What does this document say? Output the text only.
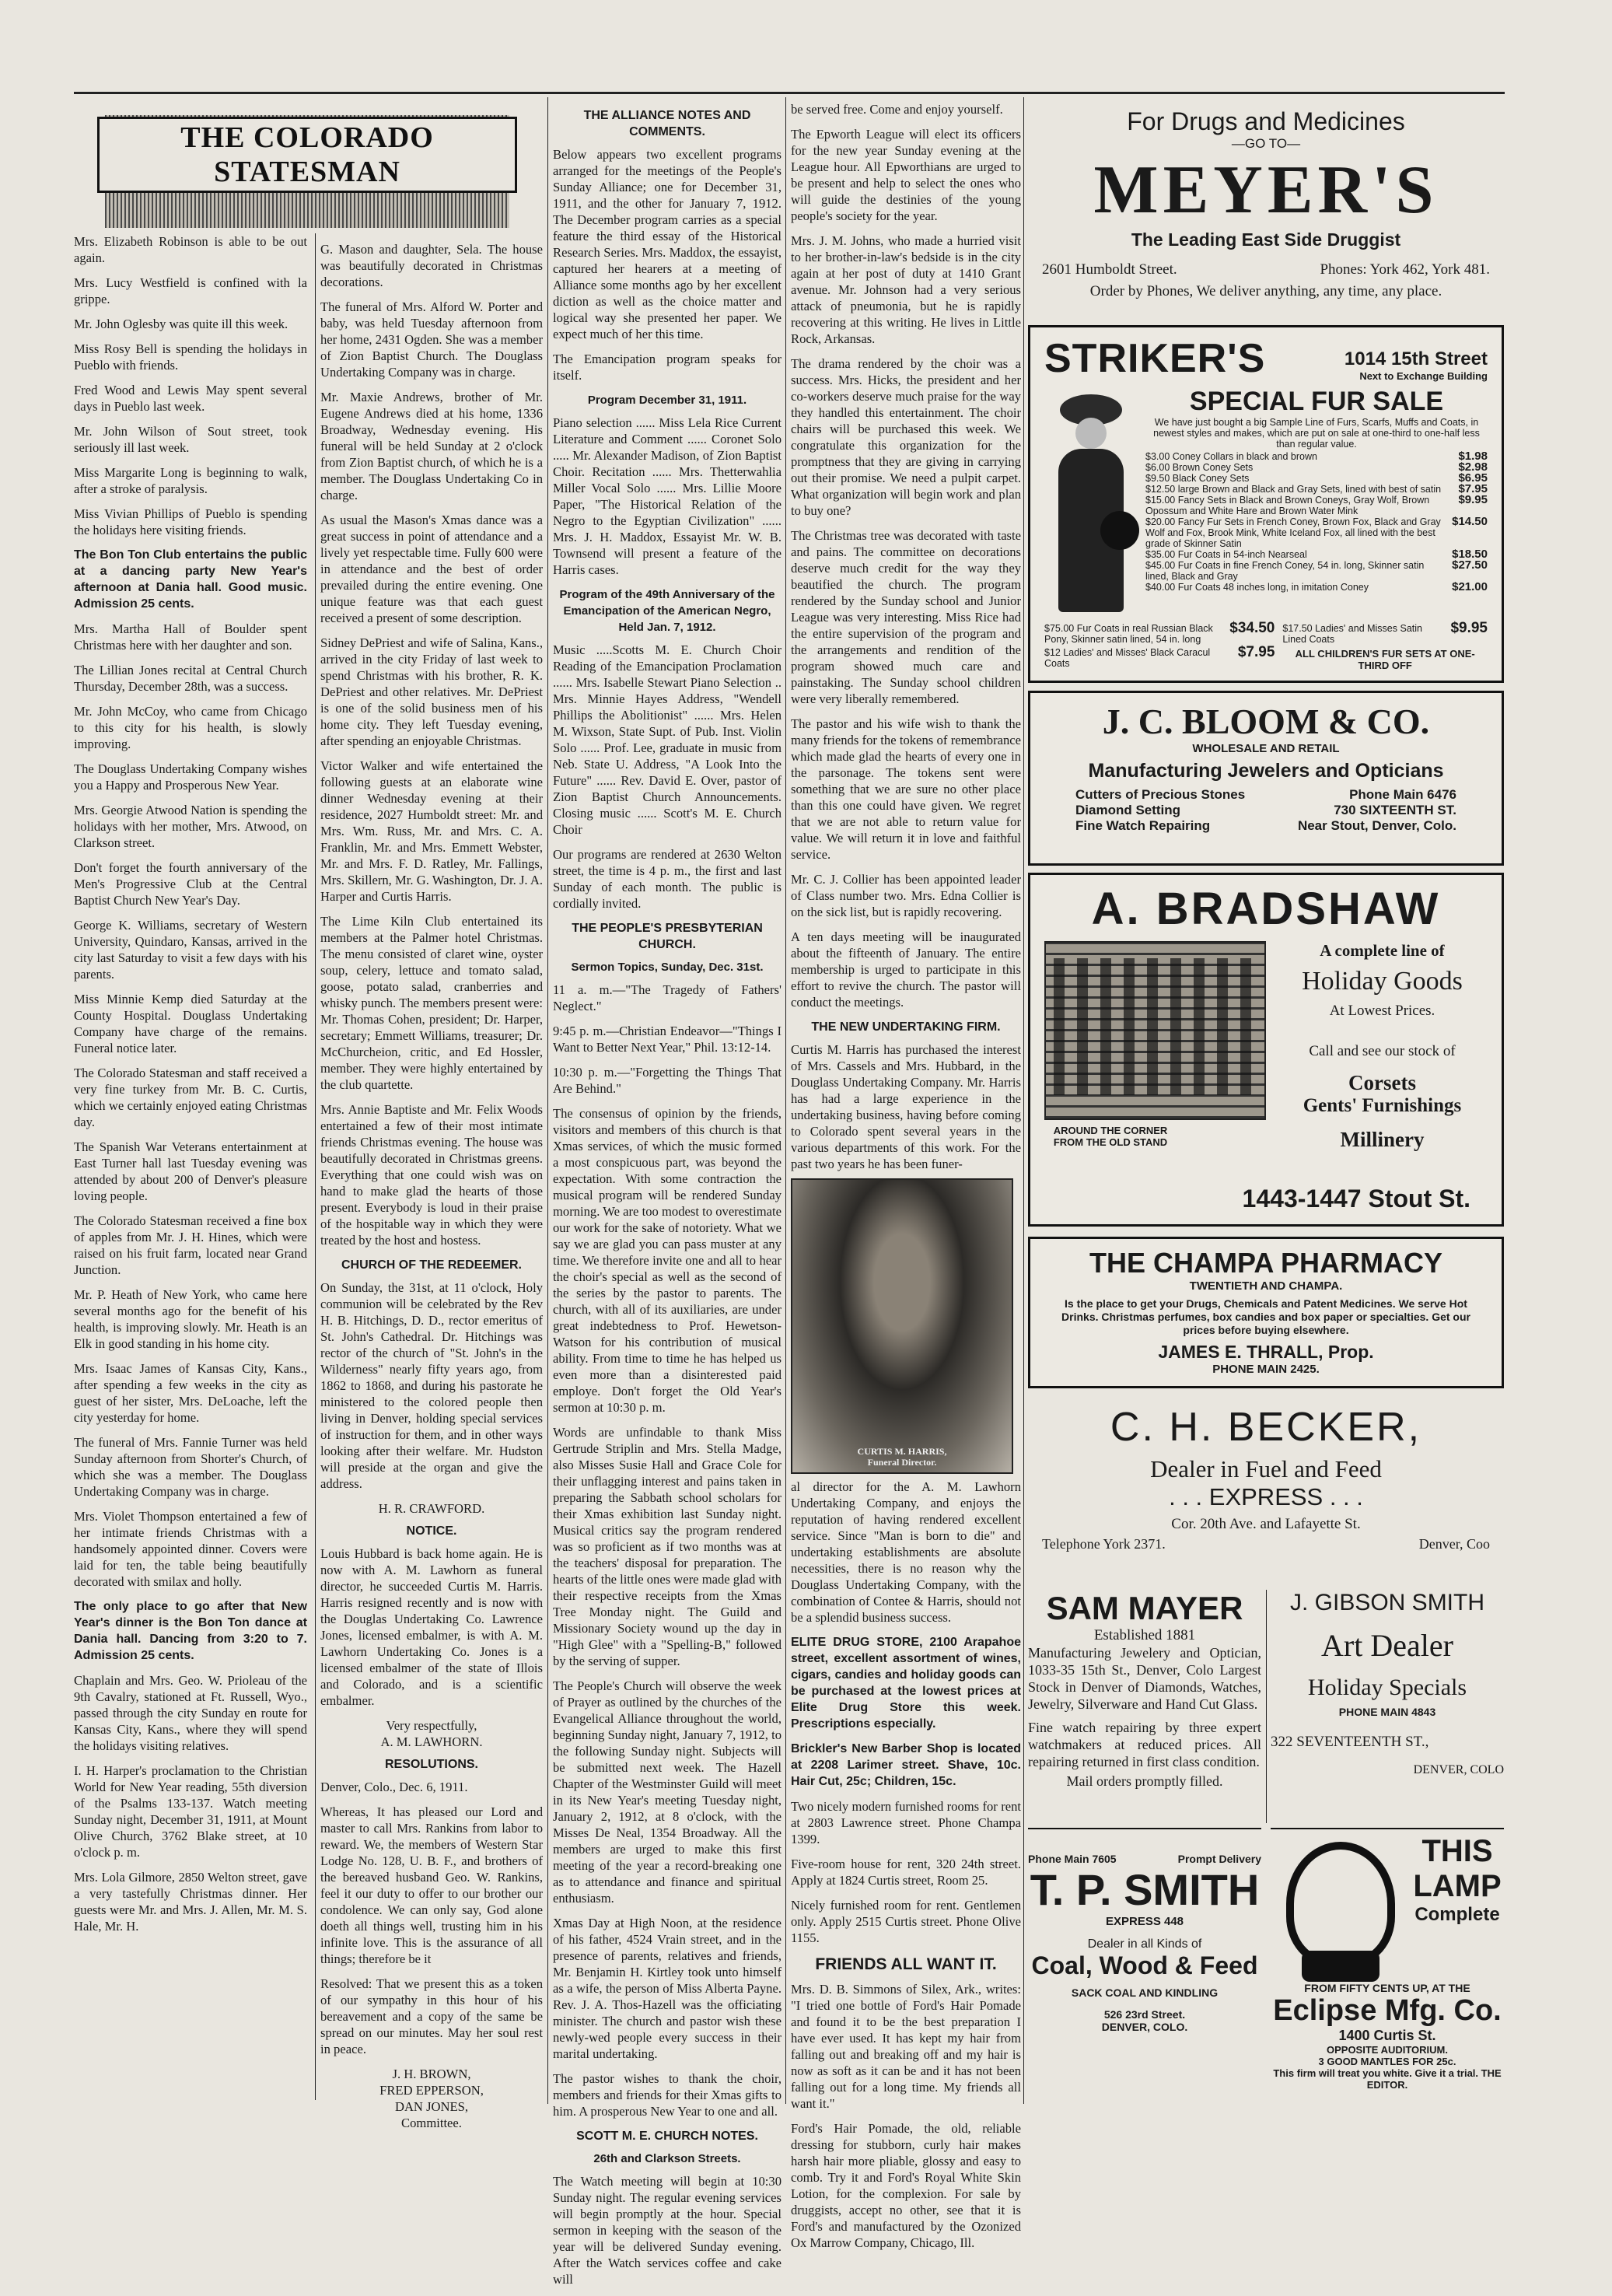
THE COLORADO STATESMAN

Mrs. Elizabeth Robinson is able to be out again.

Mrs. Lucy Westfield is confined with la grippe.

Mr. John Oglesby was quite ill this week.

Miss Rosy Bell is spending the holidays in Pueblo with friends.

Fred Wood and Lewis May spent several days in Pueblo last week.

Mr. John Wilson of Sout street, took seriously ill last week.

Miss Margarite Long is beginning to walk, after a stroke of paralysis.

Miss Vivian Phillips of Pueblo is spending the holidays here visiting friends.

The Bon Ton Club entertains the public at a dancing party New Year's afternoon at Dania hall. Good music. Admission 25 cents.

Mrs. Martha Hall of Boulder spent Christmas here with her daughter and son.

The Lillian Jones recital at Central Church Thursday, December 28th, was a success.

Mr. John McCoy, who came from Chicago to this city for his health, is slowly improving.

The Douglass Undertaking Company wishes you a Happy and Prosperous New Year.

Mrs. Georgie Atwood Nation is spending the holidays with her mother, Mrs. Atwood, on Clarkson street.

Don't forget the fourth anniversary of the Men's Progressive Club at the Central Baptist Church New Year's Day.

George K. Williams, secretary of Western University, Quindaro, Kansas, arrived in the city last Saturday to visit a few days with his parents.

Miss Minnie Kemp died Saturday at the County Hospital. Douglass Undertaking Company have charge of the remains. Funeral notice later.

The Colorado Statesman and staff received a very fine turkey from Mr. B. C. Curtis, which we certainly enjoyed eating Christmas day.

The Spanish War Veterans entertainment at East Turner hall last Tuesday evening was attended by about 200 of Denver's pleasure loving people.

The Colorado Statesman received a fine box of apples from Mr. J. H. Hines, which were raised on his fruit farm, located near Grand Junction.

Mr. P. Heath of New York, who came here several months ago for the benefit of his health, is improving slowly. Mr. Heath is an Elk in good standing in his home city.

Mrs. Isaac James of Kansas City, Kans., after spending a few weeks in the city as guest of her sister, Mrs. DeLoache, left the city yesterday for home.

The funeral of Mrs. Fannie Turner was held Sunday afternoon from Shorter's Church, of which she was a member. The Douglass Undertaking Company was in charge.

Mrs. Violet Thompson entertained a few of her intimate friends Christmas with a handsomely appointed dinner. Covers were laid for ten, the table being beautifully decorated with smilax and holly.

The only place to go after that New Year's dinner is the Bon Ton dance at Dania hall. Dancing from 3:20 to 7. Admission 25 cents.

Chaplain and Mrs. Geo. W. Prioleau of the 9th Cavalry, stationed at Ft. Russell, Wyo., passed through the city Sunday en route for Kansas City, Kans., where they will spend the holidays visiting relatives.

I. H. Harper's proclamation to the Christian World for New Year reading, 55th diversion of the Psalms 133-137. Watch meeting Sunday night, December 31, 1911, at Mount Olive Church, 3762 Blake street, at 10 o'clock p. m.

Mrs. Lola Gilmore, 2850 Welton street, gave a very tastefully Christmas dinner. Her guests were Mr. and Mrs. J. Allen, Mr. M. S. Hale, Mr. H.

G. Mason and daughter, Sela. The house was beautifully decorated in Christmas decorations.

The funeral of Mrs. Alford W. Porter and baby, was held Tuesday afternoon from her home, 2431 Ogden. She was a member of Zion Baptist Church. The Douglass Undertaking Company was in charge.

Mr. Maxie Andrews, brother of Mr. Eugene Andrews died at his home, 1336 Broadway, Wednesday evening. His funeral will be held Sunday at 2 o'clock from Zion Baptist church, of which he is a member. The Douglass Undertaking Co in charge.

As usual the Mason's Xmas dance was a great success in point of attendance and a lively yet respectable time. Fully 600 were in attendance and the best of order prevailed during the entire evening. One unique feature was that each guest received a present of some description.

Sidney DePriest and wife of Salina, Kans., arrived in the city Friday of last week to spend Christmas with his brother, R. K. DePriest and other relatives. Mr. DePriest is one of the solid business men of his home city. They left Tuesday evening, after spending an enjoyable Christmas.

Victor Walker and wife entertained the following guests at an elaborate wine dinner Wednesday evening at their residence, 2027 Humboldt street: Mr. and Mrs. Wm. Russ, Mr. and Mrs. C. A. Franklin, Mr. and Mrs. Emmett Webster, Mr. and Mrs. F. D. Ratley, Mr. Fallings, Mrs. Skillern, Mr. G. Washington, Dr. J. A. Harper and Curtis Harris.

The Lime Kiln Club entertained its members at the Palmer hotel Christmas. The menu consisted of claret wine, oyster soup, celery, lettuce and tomato salad, goose, potato salad, cranberries and whisky punch. The members present were: Mr. Thomas Cohen, president; Dr. Harper, secretary; Emmett Williams, treasurer; Dr. McChurcheion, critic, and Ed Hossler, member. They were highly entertained by the club quartette.

Mrs. Annie Baptiste and Mr. Felix Woods entertained a few of their most intimate friends Christmas evening. The house was beautifully decorated in Christmas greens. Everything that one could wish was on hand to make glad the hearts of those present. Everybody is loud in their praise of the hospitable way in which they were treated by the host and hostess.

CHURCH OF THE REDEEMER.

On Sunday, the 31st, at 11 o'clock, Holy communion will be celebrated by the Rev H. B. Hitchings, D. D., rector emeritus of St. John's Cathedral. Dr. Hitchings was rector of the church of "St. John's in the Wilderness" nearly fifty years ago, from 1862 to 1868, and during his pastorate he ministered to the colored people then living in Denver, holding special services of instruction for them, and in other ways looking after their welfare. Mr. Hudston will preside at the organ and give the address.

H. R. CRAWFORD.

NOTICE.

Louis Hubbard is back home again. He is now with A. M. Lawhorn as funeral director, he succeeded Curtis M. Harris. Harris resigned recently and is now with the Douglas Undertaking Co. Lawrence Jones, licensed embalmer, is with A. M. Lawhorn Undertaking Co. Jones is a licensed embalmer of the state of Illois and Colorado, and is a scientific embalmer.

Very respectfully,

A. M. LAWHORN.

RESOLUTIONS.

Denver, Colo., Dec. 6, 1911.

Whereas, It has pleased our Lord and master to call Mrs. Rankins from labor to reward. We, the members of Western Star Lodge No. 128, U. B. F., and brothers of the bereaved husband Geo. W. Rankins, feel it our duty to offer to our brother our condolence. We can only say, God alone doeth all things well, trusting him in his infinite love. This is the assurance of all things; therefore be it

Resolved: That we present this as a token of our sympathy in this hour of his bereavement and a copy of the same be spread on our minutes. May her soul rest in peace.

J. H. BROWN,
FRED EPPERSON,
DAN JONES,
Committee.
THE ALLIANCE NOTES AND COMMENTS.

Below appears two excellent programs arranged for the meetings of the People's Sunday Alliance; one for December 31, 1911, and the other for January 7, 1912. The December program carries as a special feature the third essay of the Historical Research Series. Mrs. Maddox, the essayist, captured her hearers at a meeting of Alliance some months ago by her excellent diction as well as the choice matter and logical way she presented her paper. We expect much of her this time.

The Emancipation program speaks for itself.

Program December 31, 1911.

Piano selection ...... Miss Lela Rice Current Literature and Comment ...... Coronet Solo ..... Mr. Alexander Madison, of Zion Baptist Choir. Recitation ...... Mrs. Thetterwahlia Miller Vocal Solo ...... Mrs. Lillie Moore Paper, "The Historical Relation of the Negro to the Egyptian Civilization" ...... Mrs. J. H. Maddox, Essayist Mr. W. B. Townsend will present a feature of the Harris cases.

Program of the 49th Anniversary of the Emancipation of the American Negro, Held Jan. 7, 1912.

Music .....Scotts M. E. Church Choir Reading of the Emancipation Proclamation ...... Mrs. Isabelle Stewart Piano Selection .. Mrs. Minnie Hayes Address, "Wendell Phillips the Abolitionist" ...... Mrs. Helen M. Wixson, State Supt. of Pub. Inst. Violin Solo ...... Prof. Lee, graduate in music from Neb. State U. Address, "A Look Into the Future" ...... Rev. David E. Over, pastor of Zion Baptist Church Announcements. Closing music ...... Scott's M. E. Church Choir

Our programs are rendered at 2630 Welton street, the time is 4 p. m., the first and last Sunday of each month. The public is cordially invited.

THE PEOPLE'S PRESBYTERIAN CHURCH.
Sermon Topics, Sunday, Dec. 31st.

11 a. m.—"The Tragedy of Fathers' Neglect."

9:45 p. m.—Christian Endeavor—"Things I Want to Better Next Year," Phil. 13:12-14.

10:30 p. m.—"Forgetting the Things That Are Behind."

The consensus of opinion by the friends, visitors and members of this church is that Xmas services, of which the music formed a most conspicuous part, was beyond the expectation. With some contraction the musical program will be rendered Sunday morning. We are too modest to overestimate our work for the sake of notoriety. What we say we are glad you can pass muster at any time. We therefore invite one and all to hear the choir's special as well as the second of the series by the pastor to parents. The church, with all of its auxiliaries, are under great indebtedness to Prof. Hewetson-Watson for his contribution of musical ability. From time to time he has helped us even more than a disinterested paid employe. Don't forget the Old Year's sermon at 10:30 p. m.

Words are unfindable to thank Miss Gertrude Striplin and Mrs. Stella Madge, also Misses Susie Hall and Grace Cole for their unflagging interest and pains taken in preparing the Sabbath school scholars for their Xmas exhibition last Sunday night. Musical critics say the program rendered was so proficient as if two months was at the teachers' disposal for preparation. The hearts of the little ones were made glad with their respective receipts from the Xmas Tree Monday night. The Guild and Missionary Society wound up the day in "High Glee" with a "Spelling-B," followed by the serving of supper.

The People's Church will observe the week of Prayer as outlined by the churches of the Evangelical Alliance throughout the world, beginning Sunday night, January 7, 1912, to the following Sunday night. Subjects will be submitted next week. The Hazell Chapter of the Westminster Guild will meet in its New Year's meeting Tuesday night, January 2, 1912, at 8 o'clock, with the Misses De Neal, 1354 Broadway. All the members are urged to make this first meeting of the year a record-breaking one as to attendance and finance and spiritual enthusiasm.

Xmas Day at High Noon, at the residence of his father, 4524 Vrain street, and in the presence of parents, relatives and friends, Mr. Benjamin H. Kirtley took unto himself as a wife, the person of Miss Alberta Payne. Rev. J. A. Thos-Hazell was the officiating minister. The church and pastor wish these newly-wed people every success in their marital undertaking.

The pastor wishes to thank the choir, members and friends for their Xmas gifts to him. A prosperous New Year to one and all.

SCOTT M. E. CHURCH NOTES.
26th and Clarkson Streets.

The Watch meeting will begin at 10:30 Sunday night. The regular evening services will begin promptly at the hour. Special sermon in keeping with the season of the year will be delivered Sunday evening. After the Watch services coffee and cake will

be served free. Come and enjoy yourself.

The Epworth League will elect its officers for the new year Sunday evening at the League hour. All Epworthians are urged to be present and help to select the ones who will guide the destinies of the young people's society for the year.

Mrs. J. M. Johns, who made a hurried visit to her brother-in-law's bedside is in the city again at her post of duty at 1410 Grant avenue. Mr. Johnson had a very serious attack of pneumonia, but he is rapidly recovering at this writing. He lives in Little Rock, Arkansas.

The drama rendered by the choir was a success. Mrs. Hicks, the president and her co-workers deserve much praise for the way they handled this entertainment. The choir chairs will be purchased this week. We congratulate this organization for the promptness that they are giving in carrying out their promise. We need a pulpit carpet. What organization will begin work and plan to buy one?

The Christmas tree was decorated with taste and pains. The committee on decorations deserve much credit for the way they beautified the church. The program rendered by the Sunday school and Junior League was very interesting. Miss Rice had the entire supervision of the program and the arrangements and rendition of the program showed much care and painstaking. The Sunday school children were very liberally remembered.

The pastor and his wife wish to thank the many friends for the tokens of remembrance which made glad the hearts of every one in the parsonage. The tokens sent were something that we are sure no other place than this one could have given. We regret that we are not able to return value for value. We will return it in love and faithful service.

Mr. C. J. Collier has been appointed leader of Class number two. Mrs. Edna Collier is on the sick list, but is rapidly recovering.

A ten days meeting will be inaugurated about the fifteenth of January. The entire membership is urged to participate in this effort to revive the church. The pastor will conduct the meetings.

THE NEW UNDERTAKING FIRM.

Curtis M. Harris has purchased the interest of Mrs. Cassels and Mrs. Hubbard, in the Douglass Undertaking Company. Mr. Harris has had a large experience in the undertaking business, having before coming to Colorado spent several years in the various departments of this work. For the past two years he has been funer-

CURTIS M. HARRIS,
Funeral Director.

al director for the A. M. Lawhorn Undertaking Company, and enjoys the reputation of having rendered excellent service. Since "Man is born to die" and undertaking establishments are absolute necessities, there is no reason why the Douglass Undertaking Company, with the combination of Contee & Harris, should not be a splendid business success.

ELITE DRUG STORE, 2100 Arapahoe street, excellent assortment of wines, cigars, candies and holiday goods can be purchased at the lowest prices at Elite Drug Store this week. Prescriptions especially.

Brickler's New Barber Shop is located at 2208 Larimer street. Shave, 10c. Hair Cut, 25c; Children, 15c.

Two nicely modern furnished rooms for rent at 2803 Lawrence street. Phone Champa 1399.

Five-room house for rent, 320 24th street. Apply at 1824 Curtis street, Room 25.

Nicely furnished room for rent. Gentlemen only. Apply 2515 Curtis street. Phone Olive 1155.

FRIENDS ALL WANT IT.

Mrs. D. B. Simmons of Silex, Ark., writes: "I tried one bottle of Ford's Hair Pomade and found it to be the best preparation I have ever used. It has kept my hair from falling out and breaking off and my hair is now as soft as it can be and it has not been falling out for a long time. My friends all want it."

Ford's Hair Pomade, the old, reliable dressing for stubborn, curly hair makes harsh hair more pliable, glossy and easy to comb. Try it and Ford's Royal White Skin Lotion, for the complexion. For sale by druggists, accept no other, see that it is Ford's and manufactured by the Ozonized Ox Marrow Company, Chicago, Ill.

For Drugs and Medicines
—GO TO—
MEYER'S
The Leading East Side Druggist
2601 Humboldt Street.	Phones: York 462, York 481.
Order by Phones, We deliver anything, any time, any place.
STRIKER'S	1014 15th Street
Next to Exchange Building
SPECIAL FUR SALE
We have just bought a big Sample Line of Furs, Scarfs, Muffs and Coats, in newest styles and makes, which are put on sale at one-third to one-half less than regular value.
$3.00 Coney Collars in black and brown	$1.98
$6.00 Brown Coney Sets	$2.98
$9.50 Black Coney Sets	$6.95
$12.50 large Brown and Black and Gray Sets, lined with best of satin	$7.95
$15.00 Fancy Sets in Black and Brown Coneys, Gray Wolf, Brown Opossum and White Hare and Brown Water Mink	$9.95
$20.00 Fancy Fur Sets in French Coney, Brown Fox, Black and Gray Wolf and Fox, Brook Mink, White Iceland Fox, all lined with the best grade of Skinner Satin	$14.50
$35.00 Fur Coats in 54-inch Nearseal	$18.50
$45.00 Fur Coats in fine French Coney, 54 in. long, Skinner satin lined, Black and Gray	$27.50
$40.00 Fur Coats 48 inches long, in imitation Coney	$21.00
$75.00 Fur Coats in real Russian Black Pony, Skinner satin lined, 54 in. long	$34.50
$12 Ladies' and Misses' Black Caracul Coats	$7.95
$17.50 Ladies' and Misses Satin Lined Coats	$9.95
ALL CHILDREN'S FUR SETS AT ONE-THIRD OFF
J. C. BLOOM & CO.
WHOLESALE AND RETAIL
Manufacturing Jewelers and Opticians
Cutters of Precious Stones	Phone Main 6476
Diamond Setting	730 SIXTEENTH ST.
Fine Watch Repairing	Near Stout, Denver, Colo.
A. BRADSHAW
AROUND THE CORNER FROM THE OLD STAND
A complete line of
Holiday Goods
At Lowest Prices.
Call and see our stock of
Corsets
Gents' Furnishings
Millinery
1443-1447 Stout St.
THE CHAMPA PHARMACY
TWENTIETH AND CHAMPA.
Is the place to get your Drugs, Chemicals and Patent Medicines. We serve Hot Drinks. Christmas perfumes, box candies and box paper or specialties. Get our prices before buying elsewhere.
JAMES E. THRALL, Prop.
PHONE MAIN 2425.
C. H. BECKER,
Dealer in Fuel and Feed
. . . EXPRESS . . .
Cor. 20th Ave. and Lafayette St.
Telephone York 2371.	Denver, Coo
SAM MAYER
Established 1881
Manufacturing Jewelery and Optician, 1033-35 15th St., Denver, Colo Largest Stock in Denver of Diamonds, Watches, Jewelry, Silverware and Hand Cut Glass.
Fine watch repairing by three expert watchmakers at reduced prices. All repairing returned in first class condition.
Mail orders promptly filled.
J. GIBSON SMITH
Art Dealer
Holiday Specials
PHONE MAIN 4843
322 SEVENTEENTH ST.,
DENVER, COLO
Phone Main 7605	Prompt Delivery
T. P. SMITH
EXPRESS 448
Dealer in all Kinds of
Coal, Wood & Feed
SACK COAL AND KINDLING
526 23rd Street.
DENVER, COLO.
THIS
LAMP
Complete
FROM FIFTY CENTS UP, AT THE
Eclipse Mfg. Co.
1400 Curtis St.
OPPOSITE AUDITORIUM.
3 GOOD MANTLES FOR 25c.
This firm will treat you white. Give it a trial. THE EDITOR.
